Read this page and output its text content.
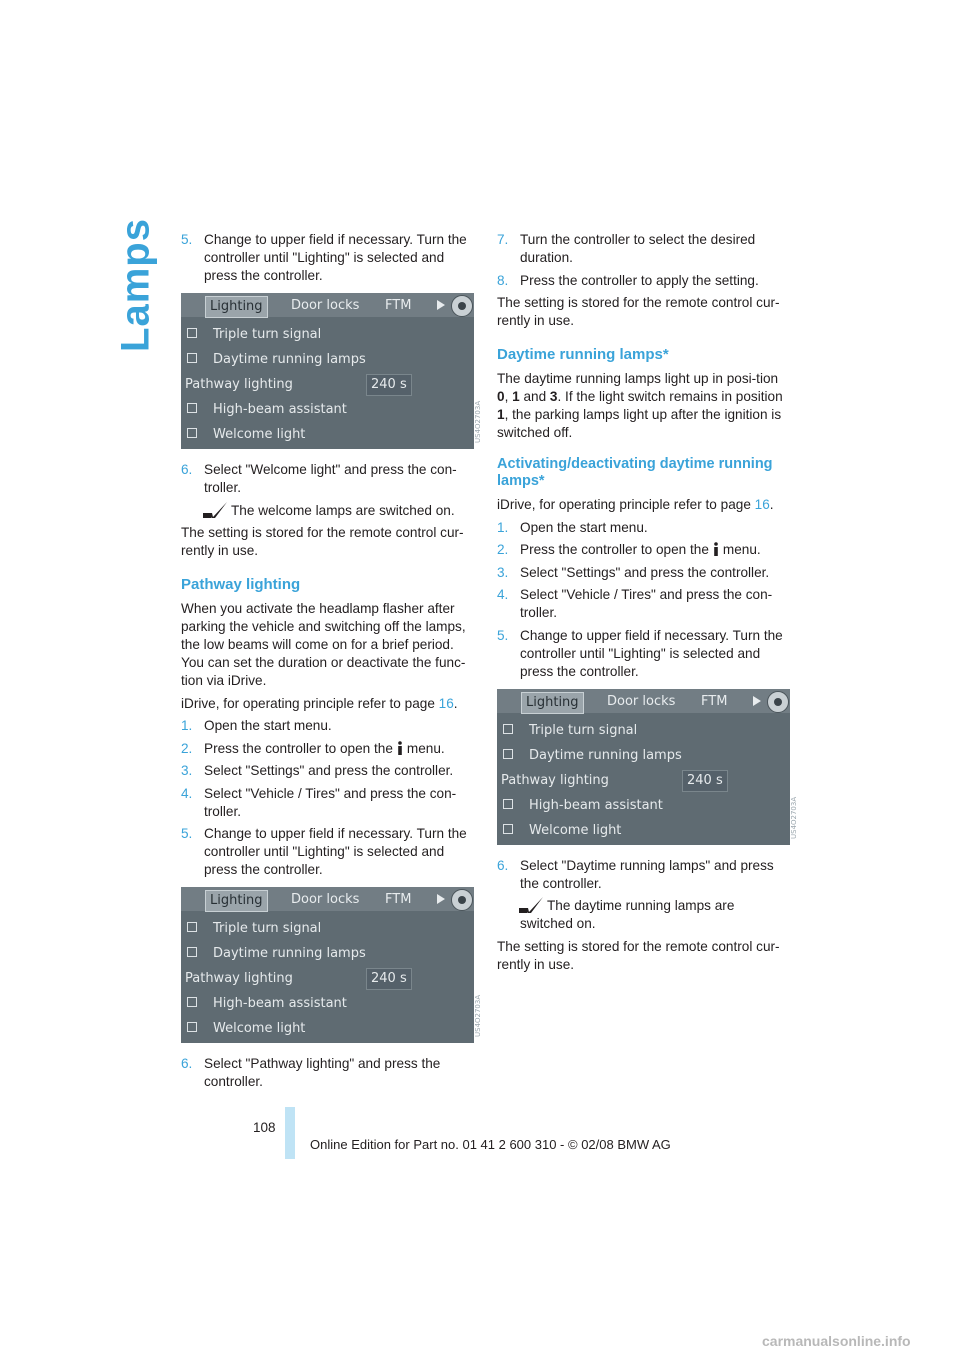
Lamps 5. Change to upper field if necessary. Turn the controller until "Lighting" is selected and press the controller.
Lighting	Door locks FTM
Triple turn signal
Daytime running lamps
Pathway lighting	240 s
High-beam assistant
Welcome light	US4O2703A
6. Select "Welcome light" and press the con-troller.
The welcome lamps are switched on.

The setting is stored for the remote control cur-rently in use.

Pathway lighting

When you activate the headlamp flasher after parking the vehicle and switching off the lamps, the low beams will come on for a brief period. You can set the duration or deactivate the func-tion via iDrive.

iDrive, for operating principle refer to page 16.

1. Open the start menu.
2. Press the controller to open the menu.
3. Select "Settings" and press the controller.
4. Select "Vehicle / Tires" and press the con-troller.
5. Change to upper field if necessary. Turn the controller until "Lighting" is selected and press the controller.
Lighting	Door locks FTM
Triple turn signal
Daytime running lamps
Pathway lighting	240 s
High-beam assistant
Welcome light	US4O2703A
6. Select "Pathway lighting" and press the controller.
7. Turn the controller to select the desired duration.
8. Press the controller to apply the setting.

The setting is stored for the remote control cur-rently in use.

Daytime running lamps*

The daytime running lamps light up in posi-tion 0, 1 and 3. If the light switch remains in position 1, the parking lamps light up after the ignition is switched off.

Activating/deactivating daytime running lamps*

iDrive, for operating principle refer to page 16.

1. Open the start menu.
2. Press the controller to open the menu.
3. Select "Settings" and press the controller.
4. Select "Vehicle / Tires" and press the con-troller.
5. Change to upper field if necessary. Turn the controller until "Lighting" is selected and press the controller.
Lighting	Door locks FTM
Triple turn signal
Daytime running lamps
Pathway lighting	240 s
High-beam assistant
Welcome light	US4O2703A
6. Select "Daytime running lamps" and press the controller.
The daytime running lamps are switched on.

The setting is stored for the remote control cur-rently in use.

108
Online Edition for Part no. 01 41 2 600 310 - © 02/08 BMW AG
carmanualsonline.info
